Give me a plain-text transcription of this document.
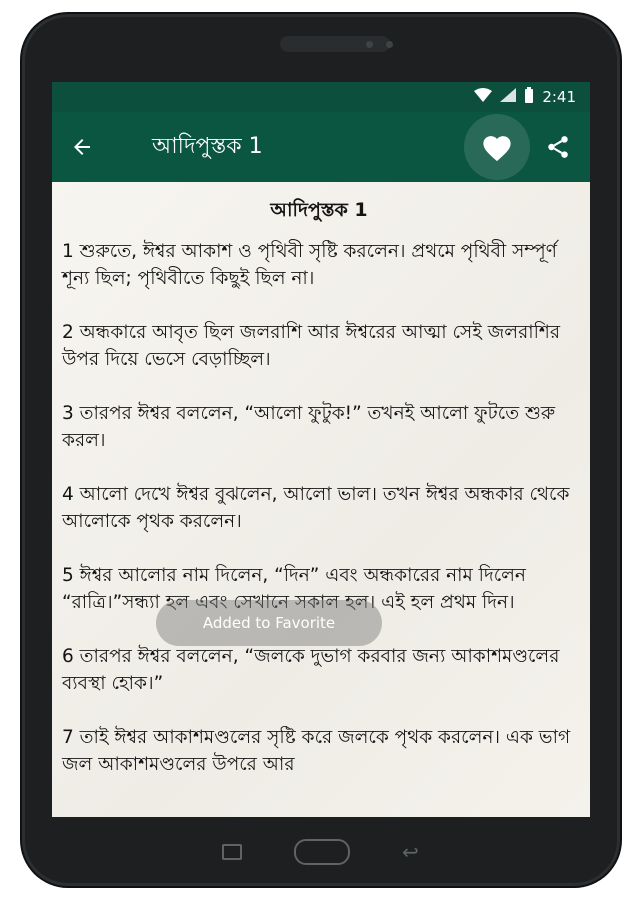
2:41
আদিপুস্তক 1
আদিপুস্তক 1

1 শুরুতে, ঈশ্বর আকাশ ও পৃথিবী সৃষ্টি করলেন। প্রথমে পৃথিবী সম্পূর্ণ শূন্য ছিল; পৃথিবীতে কিছুই ছিল না।

2 অন্ধকারে আবৃত ছিল জলরাশি আর ঈশ্বরের আত্মা সেই জলরাশির উপর দিয়ে ভেসে বেড়াচ্ছিল।

3 তারপর ঈশ্বর বললেন, “আলো ফুটুক!” তখনই আলো ফুটতে শুরু করল।

4 আলো দেখে ঈশ্বর বুঝলেন, আলো ভাল। তখন ঈশ্বর অন্ধকার থেকে আলোকে পৃথক করলেন।

5 ঈশ্বর আলোর নাম দিলেন, “দিন” এবং অন্ধকারের নাম দিলেন “রাত্রি।”সন্ধ্যা হল এবং সেখানে সকাল হল। এই হল প্রথম দিন।

6 তারপর ঈশ্বর বললেন, “জলকে দুভাগ করবার জন্য আকাশমণ্ডলের ব্যবস্থা হোক।”

7 তাই ঈশ্বর আকাশমণ্ডলের সৃষ্টি করে জলকে পৃথক করলেন। এক ভাগ জল আকাশমণ্ডলের উপরে আর

Added to Favorite
↩
